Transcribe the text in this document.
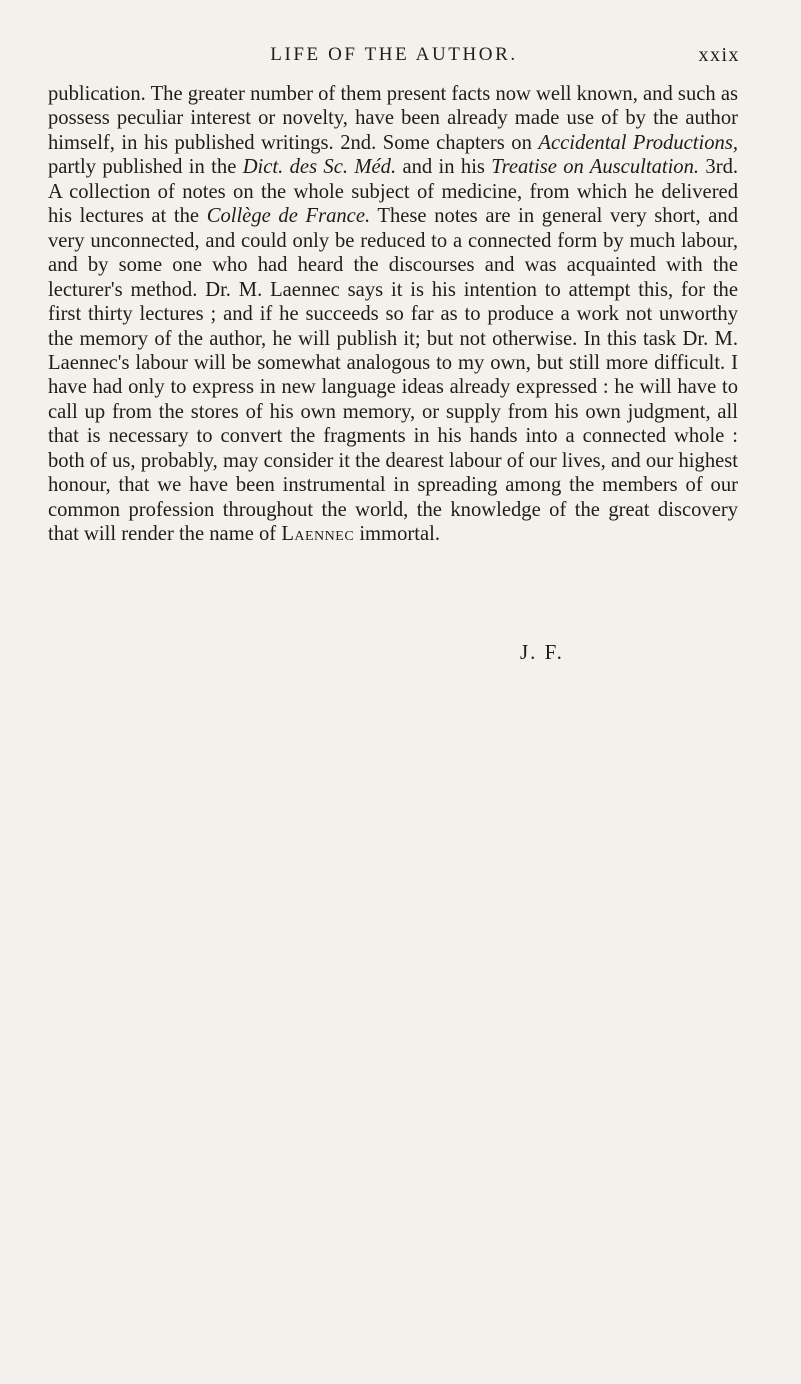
LIFE OF THE AUTHOR.	xxix

publication. The greater number of them present facts now well known, and such as possess peculiar interest or novelty, have been already made use of by the author himself, in his published writings. 2nd. Some chapters on Accidental Productions, partly published in the Dict. des Sc. Méd. and in his Treatise on Auscultation. 3rd. A collection of notes on the whole subject of medicine, from which he delivered his lectures at the Collège de France. These notes are in general very short, and very unconnected, and could only be reduced to a connected form by much labour, and by some one who had heard the discourses and was acquainted with the lecturer's method. Dr. M. Laennec says it is his intention to attempt this, for the first thirty lectures ; and if he succeeds so far as to produce a work not unworthy the memory of the author, he will publish it; but not otherwise. In this task Dr. M. Laennec's labour will be somewhat analogous to my own, but still more difficult. I have had only to express in new language ideas already expressed : he will have to call up from the stores of his own memory, or supply from his own judgment, all that is necessary to convert the fragments in his hands into a connected whole : both of us, probably, may consider it the dearest labour of our lives, and our highest honour, that we have been instrumental in spreading among the members of our common profession throughout the world, the knowledge of the great discovery that will render the name of Laennec immortal.

J. F.
